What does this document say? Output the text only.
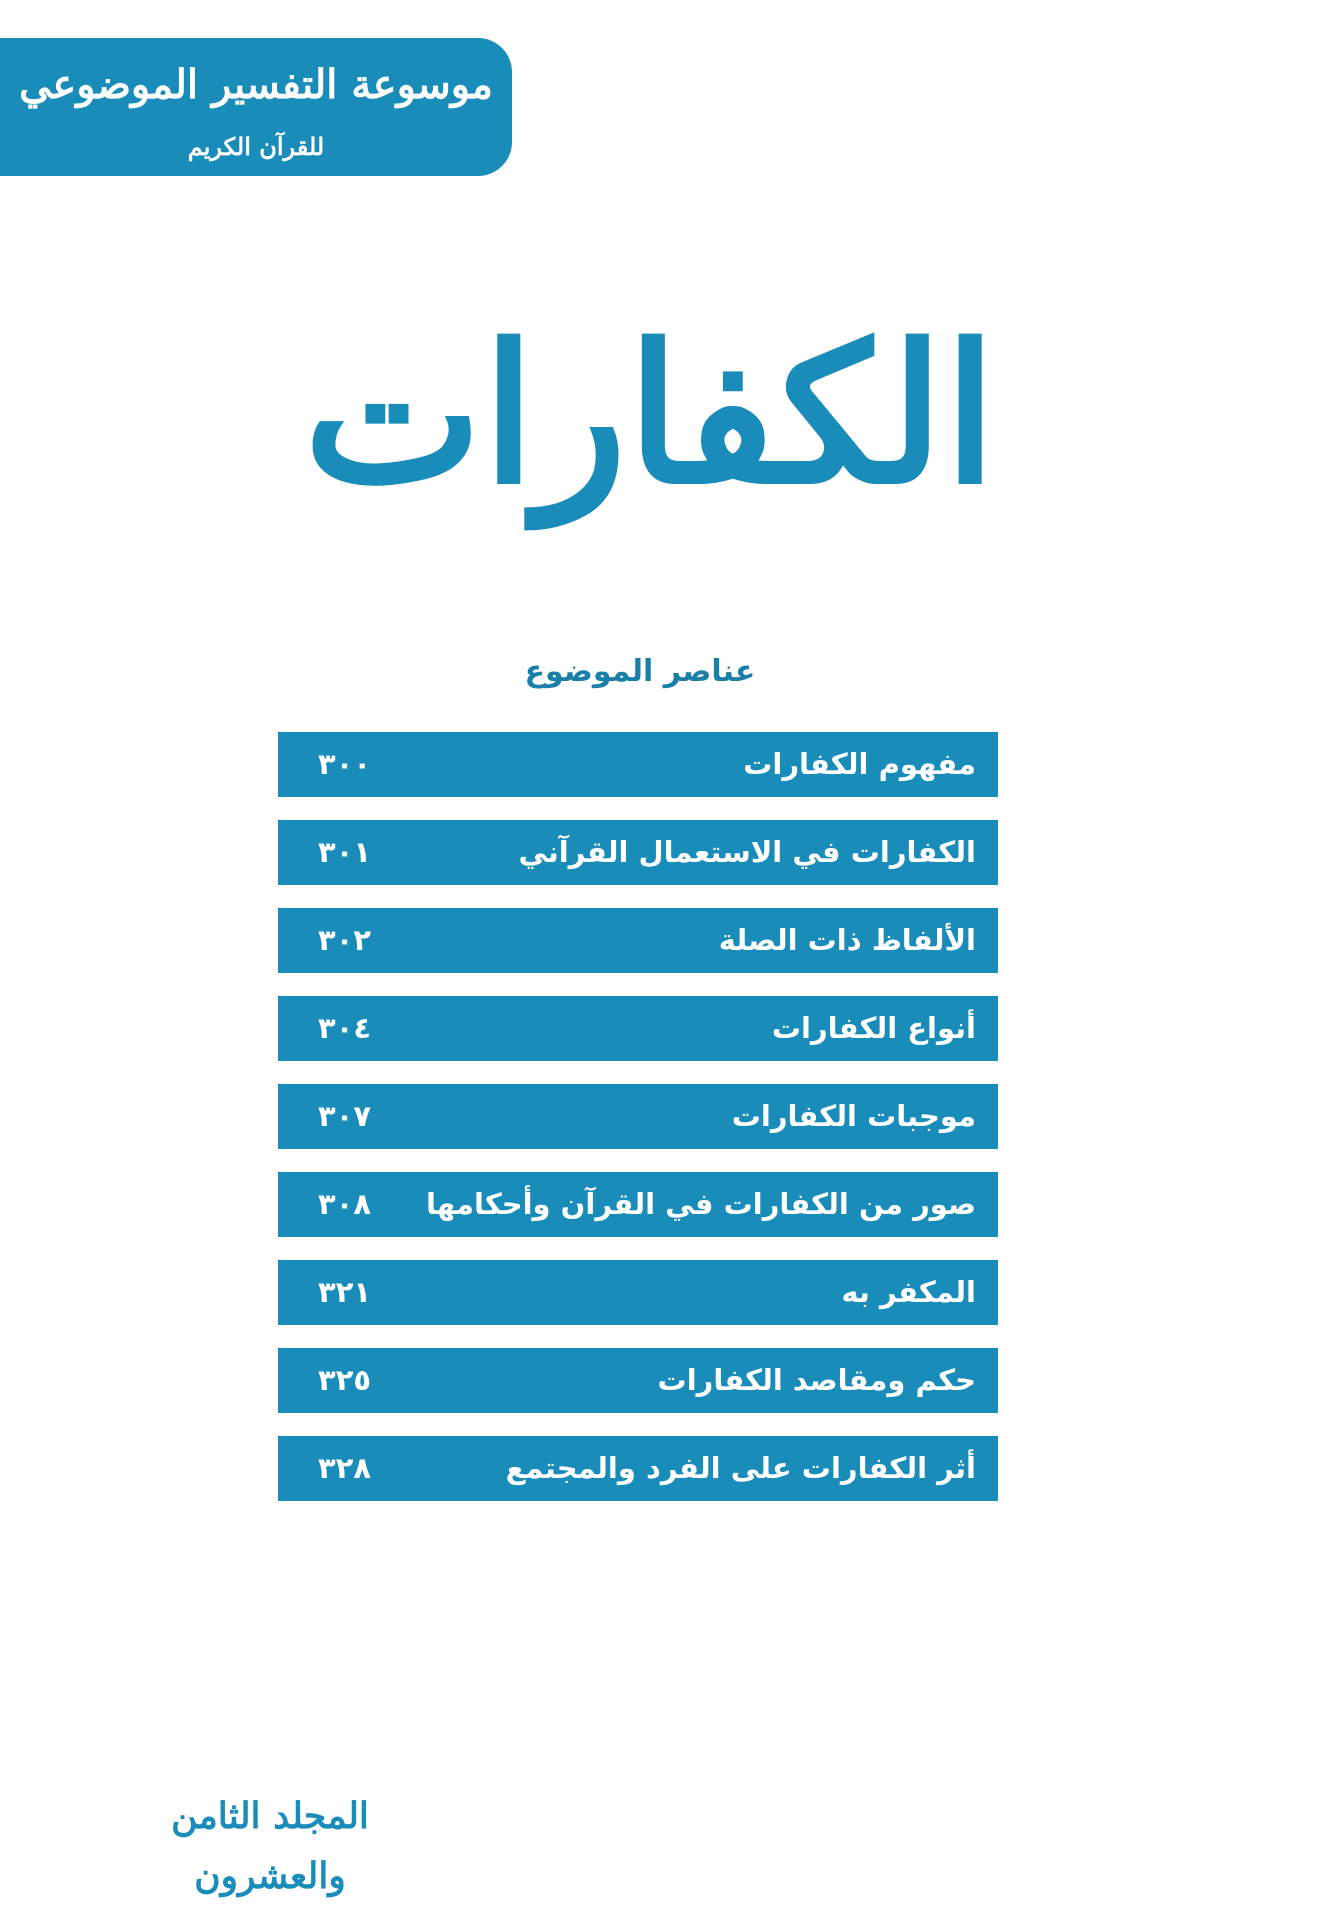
موسوعة التفسير الموضوعي
للقرآن الكريم
الكفارات
عناصر الموضوع
مفهوم الكفارات
٣٠٠
الكفارات في الاستعمال القرآني
٣٠١
الألفاظ ذات الصلة
٣٠٢
أنواع الكفارات
٣٠٤
موجبات الكفارات
٣٠٧
صور من الكفارات في القرآن وأحكامها
٣٠٨
المكفر به
٣٢١
حكم ومقاصد الكفارات
٣٢٥
أثر الكفارات على الفرد والمجتمع
٣٢٨
المجلد الثامن والعشرون
